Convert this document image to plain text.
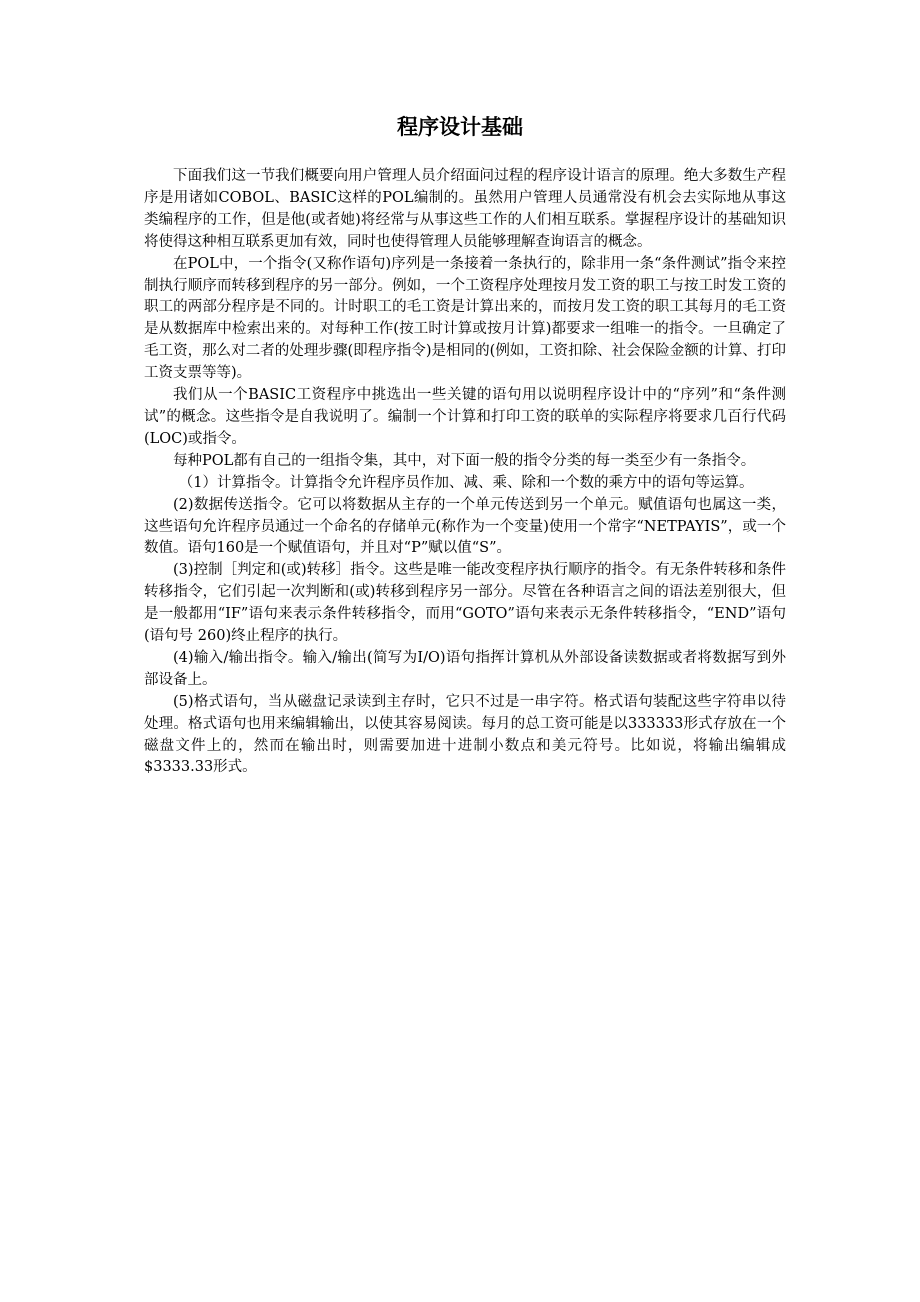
程序设计基础

下面我们这一节我们概要向用户管理人员介绍面问过程的程序设计语言的原理。绝大多数生产程序是用诸如COBOL、BASIC这样的POL编制的。虽然用户管理人员通常没有机会去实际地从事这类编程序的工作，但是他(或者她)将经常与从事这些工作的人们相互联系。掌握程序设计的基础知识将使得这种相互联系更加有效，同时也使得管理人员能够理解查询语言的概念。

在POL中，一个指令(又称作语句)序列是一条接着一条执行的，除非用一条“条件测试”指令来控制执行顺序而转移到程序的另一部分。例如，一个工资程序处理按月发工资的职工与按工时发工资的职工的两部分程序是不同的。计时职工的毛工资是计算出来的，而按月发工资的职工其每月的毛工资是从数据库中检索出来的。对每种工作(按工时计算或按月计算)都要求一组唯一的指令。一旦确定了毛工资，那么对二者的处理步骤(即程序指令)是相同的(例如，工资扣除、社会保险金额的计算、打印工资支票等等)。

我们从一个BASIC工资程序中挑选出一些关键的语句用以说明程序设计中的“序列”和“条件测试”的概念。这些指令是自我说明了。编制一个计算和打印工资的联单的实际程序将要求几百行代码(LOC)或指令。

每种POL都有自己的一组指令集，其中，对下面一般的指令分类的每一类至少有一条指令。

（1）计算指令。计算指令允许程序员作加、减、乘、除和一个数的乘方中的语句等运算。

(2)数据传送指令。它可以将数据从主存的一个单元传送到另一个单元。赋值语句也属这一类，这些语句允许程序员通过一个命名的存储单元(称作为一个变量)使用一个常字“NETPAYIS”，或一个数值。语句160是一个赋值语句，并且对“P”赋以值“S”。

(3)控制［判定和(或)转移］指令。这些是唯一能改变程序执行顺序的指令。有无条件转移和条件转移指令，它们引起一次判断和(或)转移到程序另一部分。尽管在各种语言之间的语法差别很大，但是一般都用“IF”语句来表示条件转移指令，而用“GOTO”语句来表示无条件转移指令，“END”语句(语句号 260)终止程序的执行。

(4)输入/输出指令。输入/输出(简写为I/O)语句指挥计算机从外部设备读数据或者将数据写到外部设备上。

(5)格式语句，当从磁盘记录读到主存时，它只不过是一串字符。格式语句装配这些字符串以待处理。格式语句也用来编辑输出，以使其容易阅读。每月的总工资可能是以333333形式存放在一个磁盘文件上的，然而在输出时，则需要加进十进制小数点和美元符号。比如说，将输出编辑成$3333.33形式。
